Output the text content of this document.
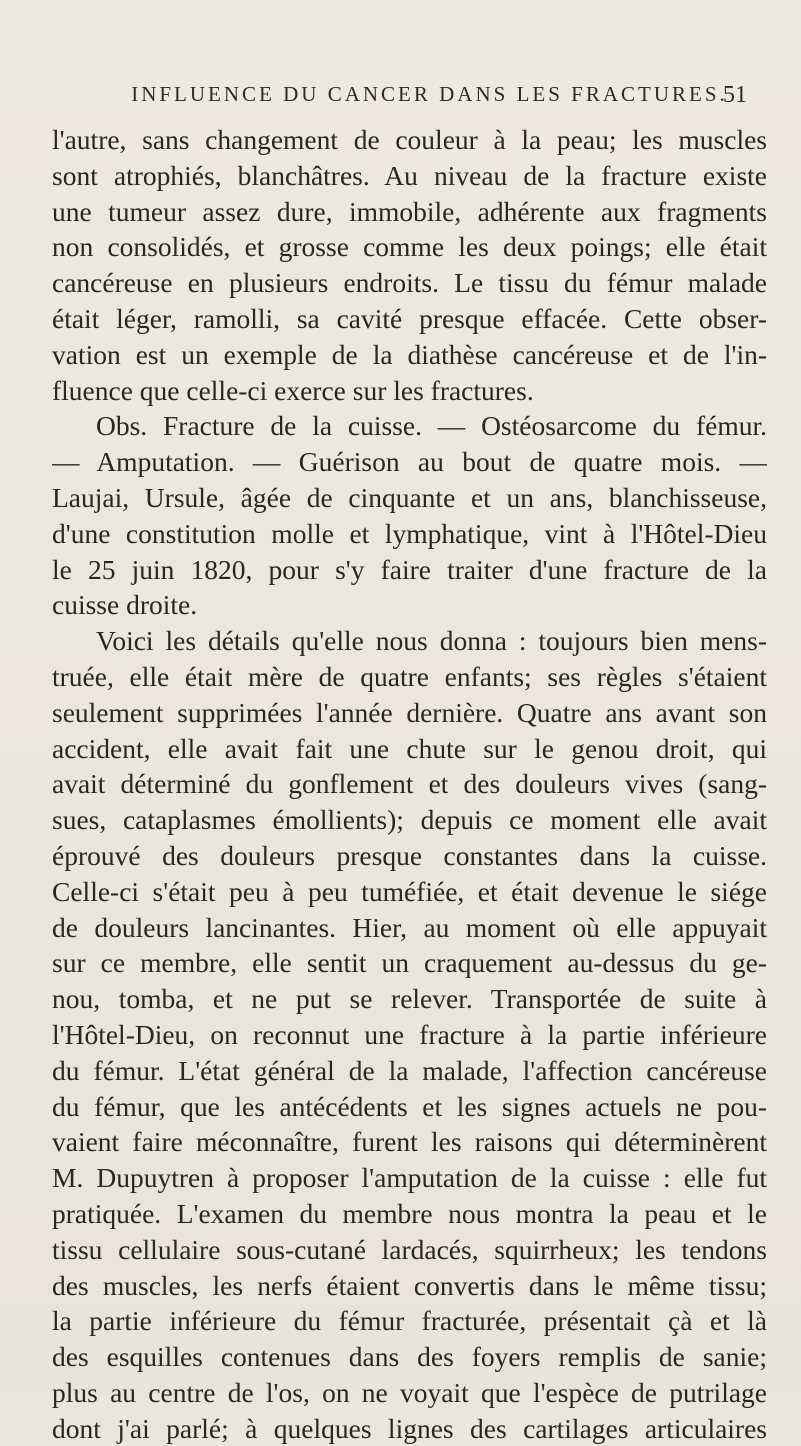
INFLUENCE DU CANCER DANS LES FRACTURES.
51
l'autre, sans changement de couleur à la peau; les muscles
sont atrophiés, blanchâtres. Au niveau de la fracture existe
une tumeur assez dure, immobile, adhérente aux fragments
non consolidés, et grosse comme les deux poings; elle était
cancéreuse en plusieurs endroits. Le tissu du fémur malade
était léger, ramolli, sa cavité presque effacée. Cette obser-
vation est un exemple de la diathèse cancéreuse et de l'in-
fluence que celle-ci exerce sur les fractures.
Obs. Fracture de la cuisse. — Ostéosarcome du fémur.
— Amputation. — Guérison au bout de quatre mois. —
Laujai, Ursule, âgée de cinquante et un ans, blanchisseuse,
d'une constitution molle et lymphatique, vint à l'Hôtel-Dieu
le 25 juin 1820, pour s'y faire traiter d'une fracture de la
cuisse droite.
Voici les détails qu'elle nous donna : toujours bien mens-
truée, elle était mère de quatre enfants; ses règles s'étaient
seulement supprimées l'année dernière. Quatre ans avant son
accident, elle avait fait une chute sur le genou droit, qui
avait déterminé du gonflement et des douleurs vives (sang-
sues, cataplasmes émollients); depuis ce moment elle avait
éprouvé des douleurs presque constantes dans la cuisse.
Celle-ci s'était peu à peu tuméfiée, et était devenue le siége
de douleurs lancinantes. Hier, au moment où elle appuyait
sur ce membre, elle sentit un craquement au-dessus du ge-
nou, tomba, et ne put se relever. Transportée de suite à
l'Hôtel-Dieu, on reconnut une fracture à la partie inférieure
du fémur. L'état général de la malade, l'affection cancéreuse
du fémur, que les antécédents et les signes actuels ne pou-
vaient faire méconnaître, furent les raisons qui déterminèrent
M. Dupuytren à proposer l'amputation de la cuisse : elle fut
pratiquée. L'examen du membre nous montra la peau et le
tissu cellulaire sous-cutané lardacés, squirrheux; les tendons
des muscles, les nerfs étaient convertis dans le même tissu;
la partie inférieure du fémur fracturée, présentait çà et là
des esquilles contenues dans des foyers remplis de sanie;
plus au centre de l'os, on ne voyait que l'espèce de putrilage
dont j'ai parlé; à quelques lignes des cartilages articulaires
